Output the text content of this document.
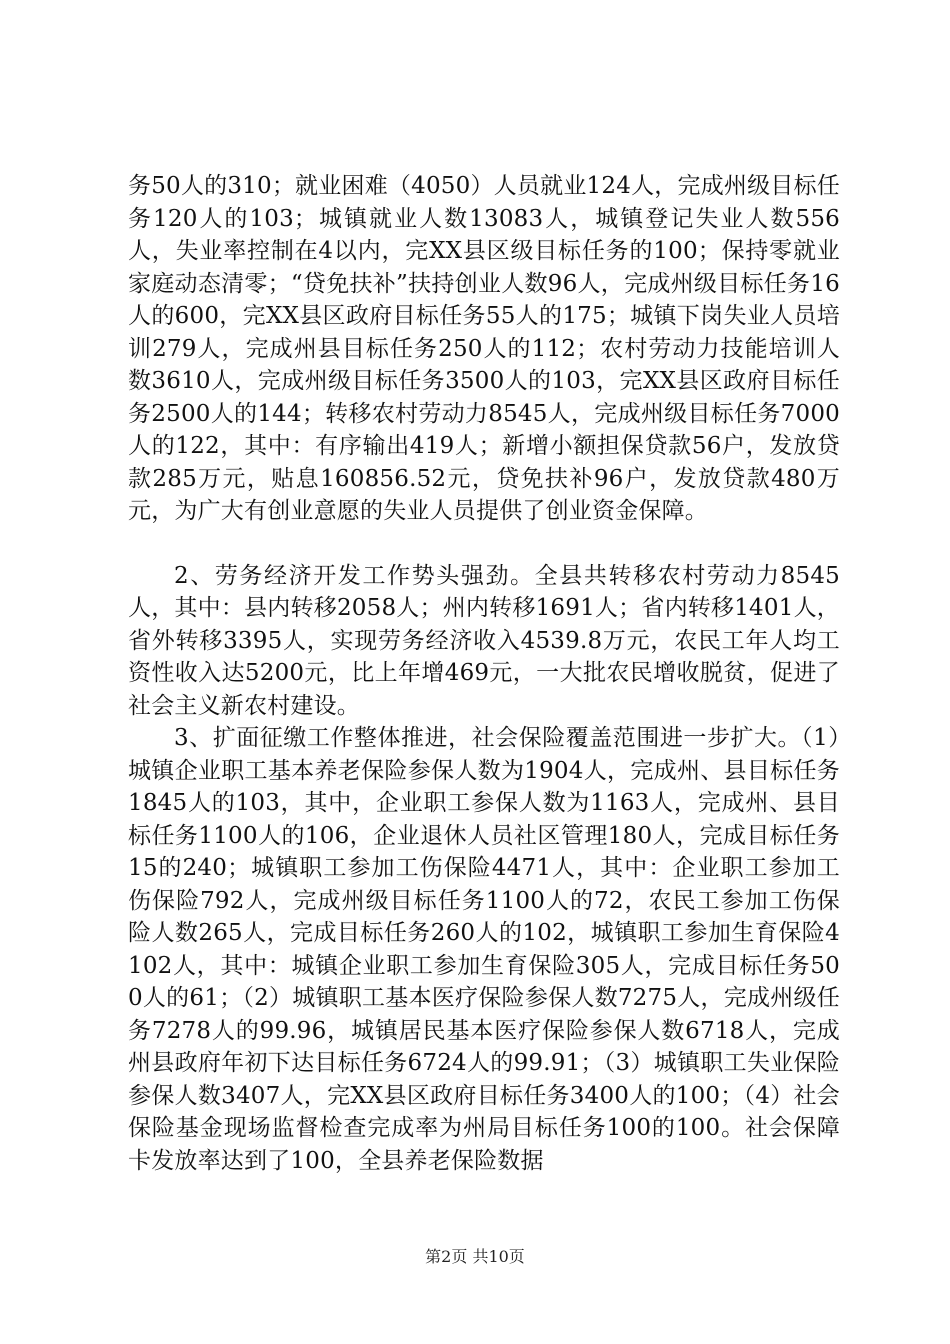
务50人的310；就业困难（4050）人员就业124人，完成州级目标任务120人的103；城镇就业人数13083人，城镇登记失业人数556人，失业率控制在4以内，完XX县区级目标任务的100；保持零就业家庭动态清零；“贷免扶补”扶持创业人数96人，完成州级目标任务16人的600，完XX县区政府目标任务55人的175；城镇下岗失业人员培训279人，完成州县目标任务250人的112；农村劳动力技能培训人数3610人，完成州级目标任务3500人的103，完XX县区政府目标任务2500人的144；转移农村劳动力8545人，完成州级目标任务7000人的122，其中：有序输出419人；新增小额担保贷款56户，发放贷款285万元，贴息160856.52元，贷免扶补96户，发放贷款480万元，为广大有创业意愿的失业人员提供了创业资金保障。

2、劳务经济开发工作势头强劲。全县共转移农村劳动力8545人，其中：县内转移2058人；州内转移1691人；省内转移1401人，省外转移3395人，实现劳务经济收入4539.8万元，农民工年人均工资性收入达5200元，比上年增469元，一大批农民增收脱贫，促进了社会主义新农村建设。

3、扩面征缴工作整体推进，社会保险覆盖范围进一步扩大。（1）城镇企业职工基本养老保险参保人数为1904人，完成州、县目标任务1845人的103，其中，企业职工参保人数为1163人，完成州、县目标任务1100人的106，企业退休人员社区管理180人，完成目标任务15的240；城镇职工参加工伤保险4471人，其中：企业职工参加工伤保险792人，完成州级目标任务1100人的72，农民工参加工伤保险人数265人，完成目标任务260人的102，城镇职工参加生育保险4102人，其中：城镇企业职工参加生育保险305人，完成目标任务500人的61；（2）城镇职工基本医疗保险参保人数7275人，完成州级任务7278人的99.96，城镇居民基本医疗保险参保人数6718人，完成州县政府年初下达目标任务6724人的99.91；（3）城镇职工失业保险参保人数3407人，完XX县区政府目标任务3400人的100；（4）社会保险基金现场监督检查完成率为州局目标任务100的100。社会保障卡发放率达到了100，全县养老保险数据

第2页 共10页
